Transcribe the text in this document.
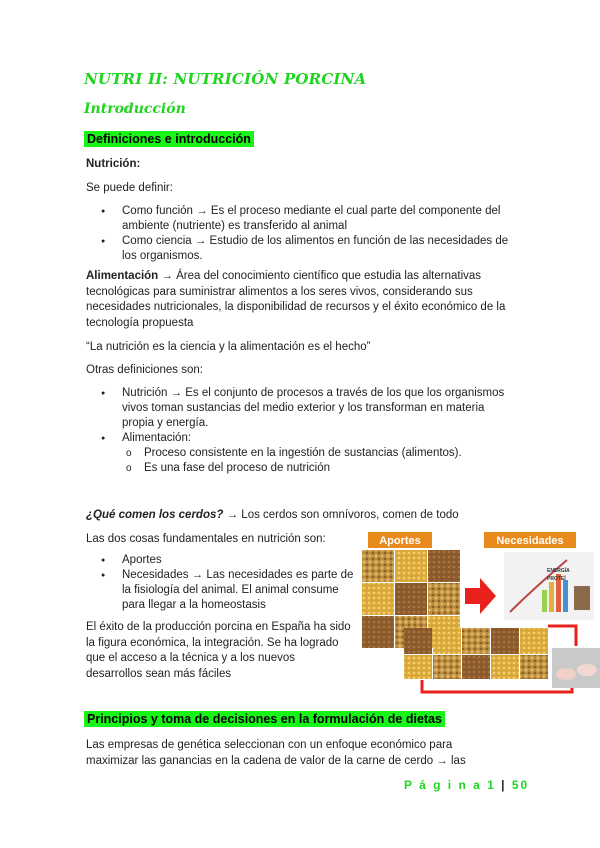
NUTRI II: NUTRICIÓN PORCINA
Introducción
Definiciones e introducción
Nutrición:
Se puede definir:
● Como función → Es el proceso mediante el cual parte del componente del ambiente (nutriente) es transferido al animal
● Como ciencia → Estudio de los alimentos en función de las necesidades de los organismos.
Alimentación → Área del conocimiento científico que estudia las alternativas tecnológicas para suministrar alimentos a los seres vivos, considerando sus necesidades nutricionales, la disponibilidad de recursos y el éxito económico de la tecnología propuesta
“La nutrición es la ciencia y la alimentación es el hecho”
Otras definiciones son:
● Nutrición → Es el conjunto de procesos a través de los que los organismos vivos toman sustancias del medio exterior y los transforman en materia propia y energía.
● Alimentación:
o Proceso consistente en la ingestión de sustancias (alimentos).
o Es una fase del proceso de nutrición
¿Qué comen los cerdos? → Los cerdos son omnívoros, comen de todo
Las dos cosas fundamentales en nutrición son:
● Aportes
● Necesidades → Las necesidades es parte de la fisiología del animal. El animal consume para llegar a la homeostasis
El éxito de la producción porcina en España ha sido la figura económica, la integración. Se ha logrado que el acceso a la técnica y a los nuevos desarrollos sean más fáciles
Aportes	Necesidades
ENERGÍA
PROTEÍ
Principios y toma de decisiones en la formulación de dietas
Las empresas de genética seleccionan con un enfoque económico para maximizar las ganancias en la cadena de valor de la carne de cerdo → las
P á g i n a 1 | 50
